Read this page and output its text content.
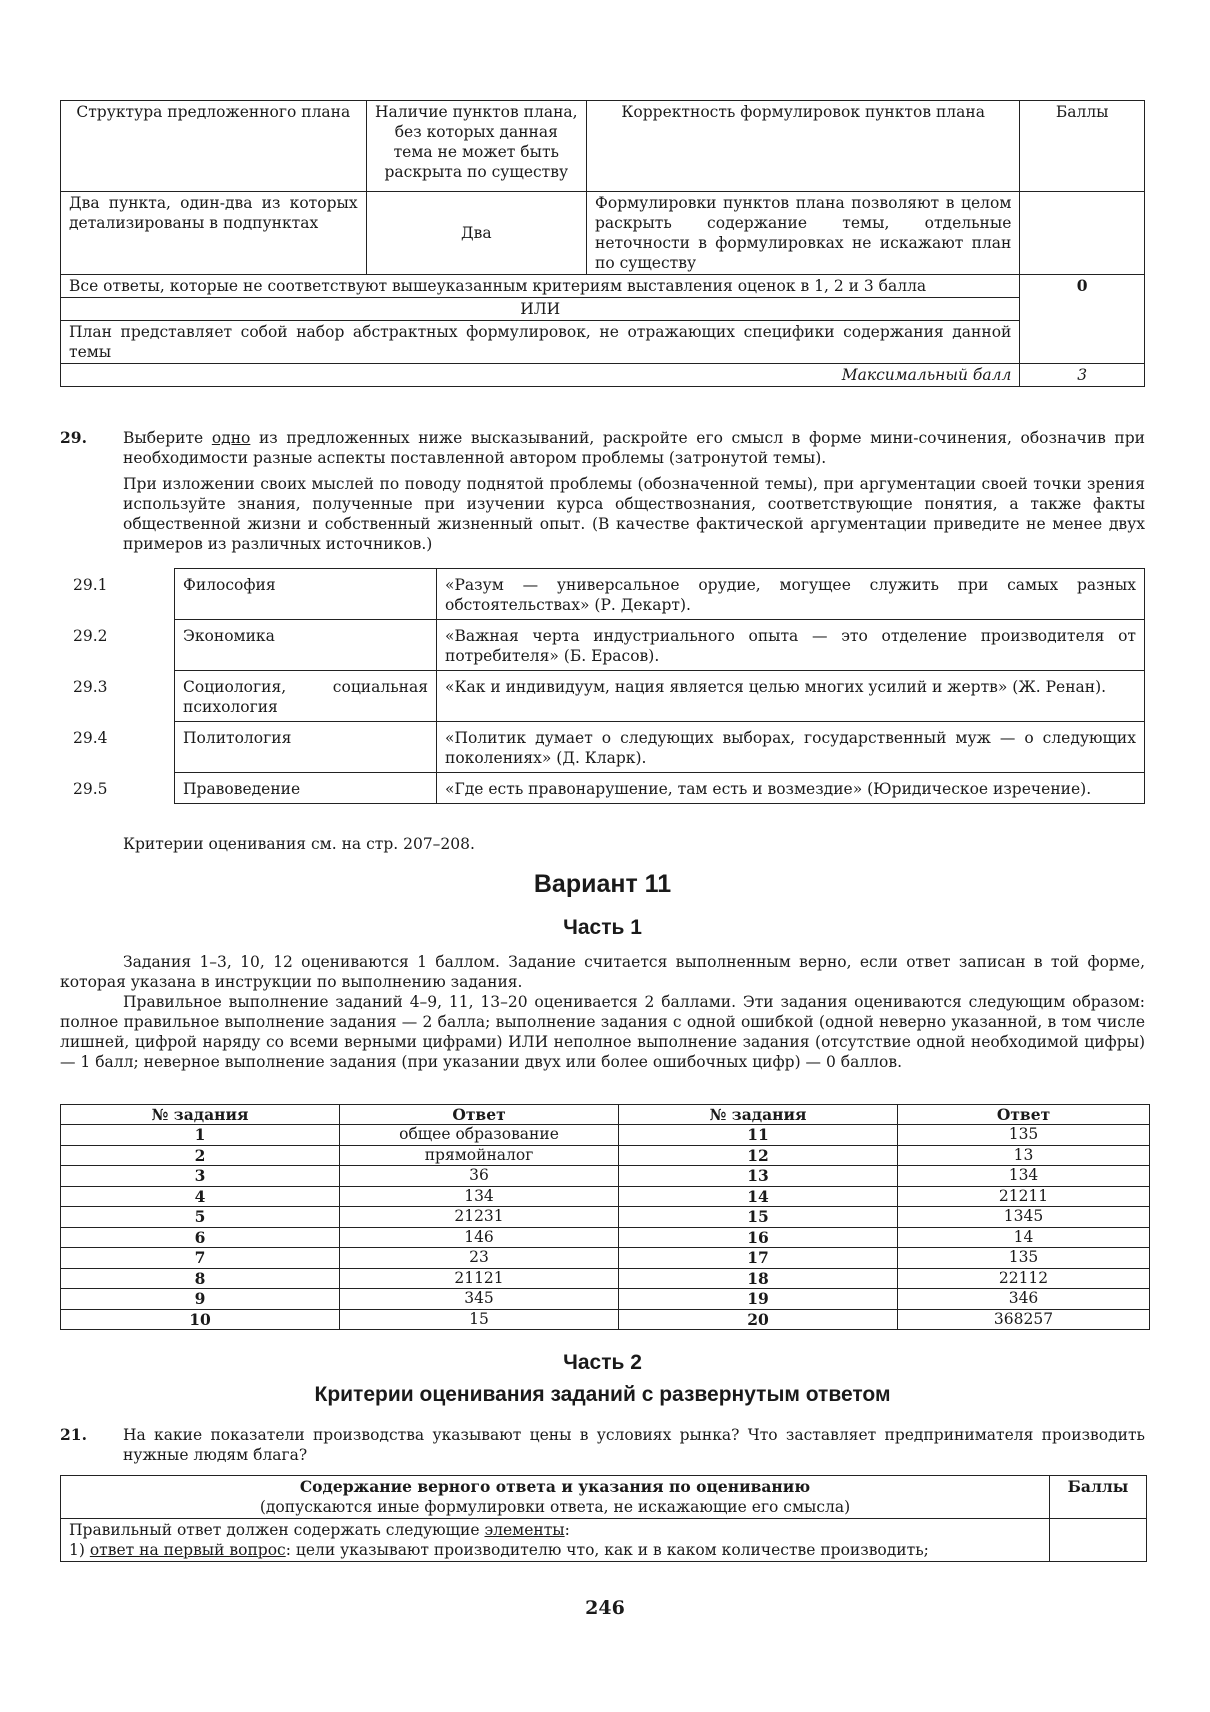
Структура предложенного плана	Наличие пунктов плана, без которых данная тема не может быть раскрыта по существу	Корректность формулировок пунктов плана	Баллы
Два пункта, один-два из которых детализированы в подпунктах	Два	Формулировки пунктов плана позволяют в целом раскрыть содержание темы, отдельные неточности в формулировках не искажают план по существу	
Все ответы, которые не соответствуют вышеуказанным критериям выставления оценок в 1, 2 и 3 балла			0
ИЛИ			
План представляет собой набор абстрактных формулировок, не отражающих специфики содержания данной темы			
Максимальный балл			3
29. Выберите одно из предложенных ниже высказываний, раскройте его смысл в форме мини-сочинения, обозначив при необходимости разные аспекты поставленной автором проблемы (затронутой темы).

При изложении своих мыслей по поводу поднятой проблемы (обозначенной темы), при аргументации своей точки зрения используйте знания, полученные при изучении курса обществознания, соответствующие понятия, а также факты общественной жизни и собственный жизненный опыт. (В качестве фактической аргументации приведите не менее двух примеров из различных источников.)

29.1	Философия	«Разум — универсальное орудие, могущее служить при самых разных обстоятельствах» (Р. Декарт).
29.2	Экономика	«Важная черта индустриального опыта — это отделение производителя от потребителя» (Б. Ерасов).
29.3	Социология, социальная психология	«Как и индивидуум, нация является целью многих усилий и жертв» (Ж. Ренан).
29.4	Политология	«Политик думает о следующих выборах, государственный муж — о следующих поколениях» (Д. Кларк).
29.5	Правоведение	«Где есть правонарушение, там есть и возмездие» (Юридическое изречение).
Критерии оценивания см. на стр. 207–208.
Вариант 11
Часть 1

Задания 1–3, 10, 12 оцениваются 1 баллом. Задание считается выполненным верно, если ответ записан в той форме, которая указана в инструкции по выполнению задания.

Правильное выполнение заданий 4–9, 11, 13–20 оценивается 2 баллами. Эти задания оцениваются следующим образом: полное правильное выполнение задания — 2 балла; выполнение задания с одной ошибкой (одной неверно указанной, в том числе лишней, цифрой наряду со всеми верными цифрами) ИЛИ неполное выполнение задания (отсутствие одной необходимой цифры) — 1 балл; неверное выполнение задания (при указании двух или более ошибочных цифр) — 0 баллов.

№ задания	Ответ	№ задания	Ответ
1	общее образование	11	135
2	прямойналог	12	13
3	36	13	134
4	134	14	21211
5	21231	15	1345
6	146	16	14
7	23	17	135
8	21121	18	22112
9	345	19	346
10	15	20	368257
Часть 2
Критерии оценивания заданий с развернутым ответом
21. На какие показатели производства указывают цены в условиях рынка? Что заставляет предпринимателя производить нужные людям блага?
Содержание верного ответа и указания по оцениванию
(допускаются иные формулировки ответа, не искажающие его смысла)	Баллы

Правильный ответ должен содержать следующие элементы:
1) ответ на первый вопрос: цели указывают производителю что, как и в каком количестве производить;	

246
